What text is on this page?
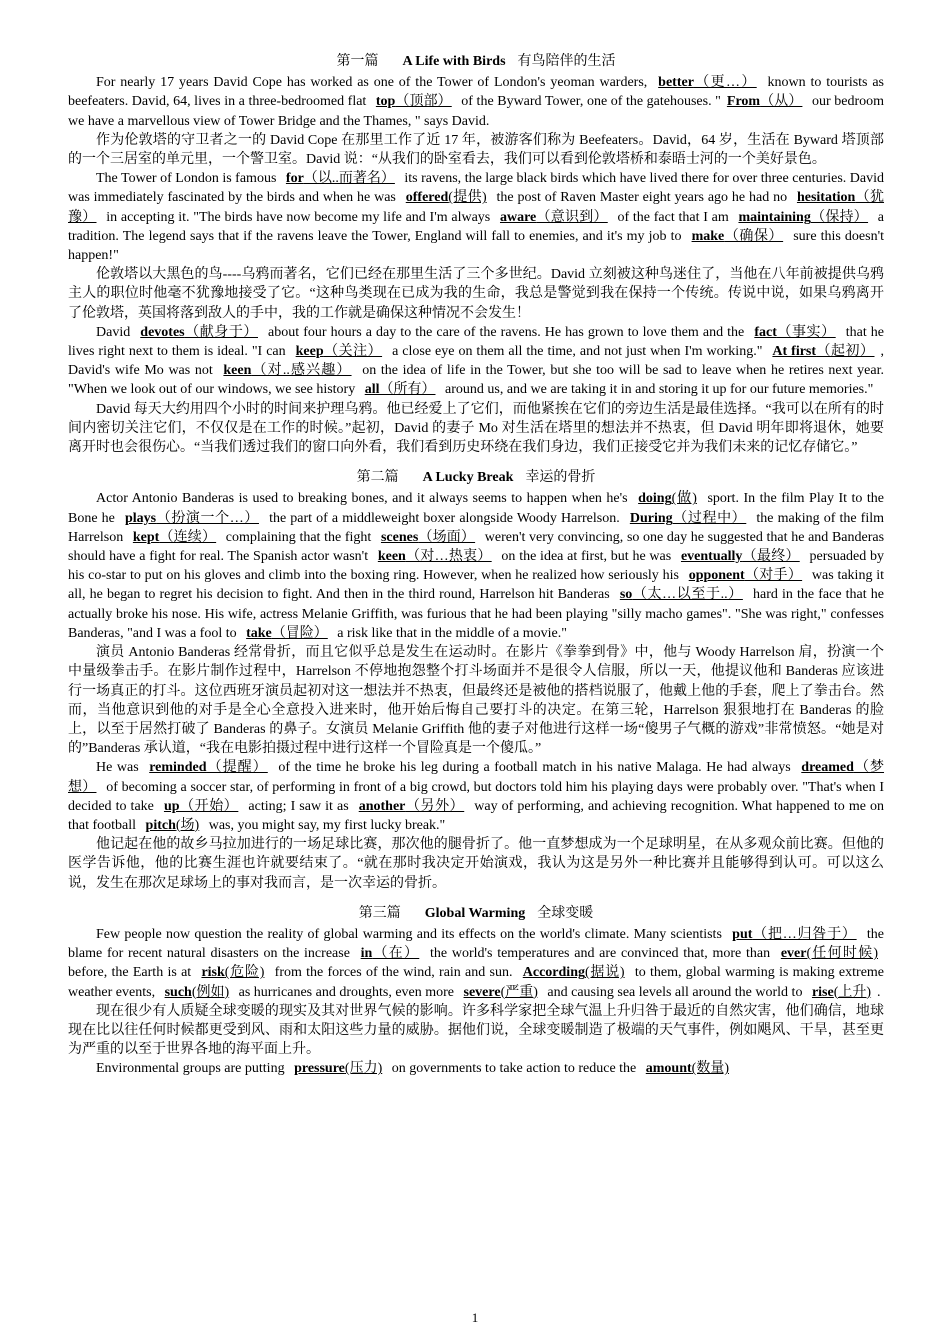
第一篇 A Life with Birds 有鸟陪伴的生活

For nearly 17 years David Cope has worked as one of the Tower of London's yeoman warders, better（更…） known to tourists as beefeaters. David, 64, lives in a three-bedroomed flat top（顶部） of the Byward Tower, one of the gatehouses. " From（从） our bedroom we have a marvellous view of Tower Bridge and the Thames, " says David.

作为伦敦塔的守卫者之一的 David Cope 在那里工作了近 17 年，被游客们称为 Beefeaters。David，64 岁，生活在 Byward 塔顶部的一个三居室的单元里，一个警卫室。David 说：“从我们的卧室看去，我们可以看到伦敦塔桥和泰晤士河的一个美好景色。

The Tower of London is famous for（以..而著名） its ravens, the large black birds which have lived there for over three centuries. David was immediately fascinated by the birds and when he was offered(提供) the post of Raven Master eight years ago he had no hesitation（犹豫） in accepting it. "The birds have now become my life and I'm always aware（意识到） of the fact that I am maintaining（保持） a tradition. The legend says that if the ravens leave the Tower, England will fall to enemies, and it's my job to make（确保） sure this doesn't happen!"

伦敦塔以大黑色的鸟----乌鸦而著名，它们已经在那里生活了三个多世纪。David 立刻被这种鸟迷住了，当他在八年前被提供乌鸦主人的职位时他毫不犹豫地接受了它。“这种鸟类现在已成为我的生命，我总是警觉到我在保持一个传统。传说中说，如果乌鸦离开了伦敦塔，英国将落到敌人的手中，我的工作就是确保这种情况不会发生！

David devotes（献身于） about four hours a day to the care of the ravens. He has grown to love them and the fact（事实） that he lives right next to them is ideal. "I can keep（关注） a close eye on them all the time, and not just when I'm working." At first（起初） , David's wife Mo was not keen（对..感兴趣） on the idea of life in the Tower, but she too will be sad to leave when he retires next year. "When we look out of our windows, we see history all（所有） around us, and we are taking it in and storing it up for our future memories."

David 每天大约用四个小时的时间来护理乌鸦。他已经爱上了它们，而他紧挨在它们的旁边生活是最佳选择。“我可以在所有的时间内密切关注它们，不仅仅是在工作的时候。”起初，David 的妻子 Mo 对生活在塔里的想法并不热衷，但 David 明年即将退休，她要离开时也会很伤心。“当我们透过我们的窗口向外看，我们看到历史环绕在我们身边，我们正接受它并为我们未来的记忆存储它。”

第二篇 A Lucky Break 幸运的骨折

Actor Antonio Banderas is used to breaking bones, and it always seems to happen when he's doing(做) sport. In the film Play It to the Bone he plays（扮演一个…） the part of a middleweight boxer alongside Woody Harrelson. During（过程中） the making of the film Harrelson kept（连续） complaining that the fight scenes（场面） weren't very convincing, so one day he suggested that he and Banderas should have a fight for real. The Spanish actor wasn't keen（对…热衷） on the idea at first, but he was eventually（最终） persuaded by his co-star to put on his gloves and climb into the boxing ring. However, when he realized how seriously his opponent（对手） was taking it all, he began to regret his decision to fight. And then in the third round, Harrelson hit Banderas so（太…以至于..） hard in the face that he actually broke his nose. His wife, actress Melanie Griffith, was furious that he had been playing "silly macho games". "She was right," confesses Banderas, "and I was a fool to take（冒险） a risk like that in the middle of a movie."

演员 Antonio Banderas 经常骨折，而且它似乎总是发生在运动时。在影片《拳拳到骨》中，他与 Woody Harrelson 肩，扮演一个中量级拳击手。在影片制作过程中，Harrelson 不停地抱怨整个打斗场面并不是很令人信服，所以一天，他提议他和 Banderas 应该进行一场真正的打斗。这位西班牙演员起初对这一想法并不热衷，但最终还是被他的搭档说服了，他戴上他的手套，爬上了拳击台。然而，当他意识到他的对手是全心全意投入进来时，他开始后悔自己要打斗的决定。在第三轮，Harrelson 狠狠地打在 Banderas 的脸上，以至于居然打破了 Banderas 的鼻子。女演员 Melanie Griffith 他的妻子对他进行这样一场“傻男子气概的游戏”非常愤怒。“她是对的”Banderas 承认道，“我在电影拍摄过程中进行这样一个冒险真是一个傻瓜。”

He was reminded（提醒） of the time he broke his leg during a football match in his native Malaga. He had always dreamed（梦想） of becoming a soccer star, of performing in front of a big crowd, but doctors told him his playing days were probably over. "That's when I decided to take up（开始） acting; I saw it as another（另外） way of performing, and achieving recognition. What happened to me on that football pitch(场) was, you might say, my first lucky break."

他记起在他的故乡马拉加进行的一场足球比赛，那次他的腿骨折了。他一直梦想成为一个足球明星，在从多观众前比赛。但他的医学告诉他，他的比赛生涯也许就要结束了。“就在那时我决定开始演戏，我认为这是另外一种比赛并且能够得到认可。可以这么说，发生在那次足球场上的事对我而言，是一次幸运的骨折。

第三篇 Global Warming 全球变暖

Few people now question the reality of global warming and its effects on the world's climate. Many scientists put（把…归咎于） the blame for recent natural disasters on the increase in（在） the world's temperatures and are convinced that, more than ever(任何时候) before, the Earth is at risk(危险) from the forces of the wind, rain and sun. According(据说) to them, global warming is making extreme weather events, such(例如) as hurricanes and droughts, even more severe(严重) and causing sea levels all around the world to rise(上升) .

现在很少有人质疑全球变暖的现实及其对世界气候的影响。许多科学家把全球气温上升归咎于最近的自然灾害，他们确信，地球现在比以往任何时候都更受到风、雨和太阳这些力量的威胁。据他们说，全球变暖制造了极端的天气事件，例如飓风、干旱，甚至更为严重的以至于世界各地的海平面上升。

Environmental groups are putting pressure(压力) on governments to take action to reduce the amount(数量)

1
